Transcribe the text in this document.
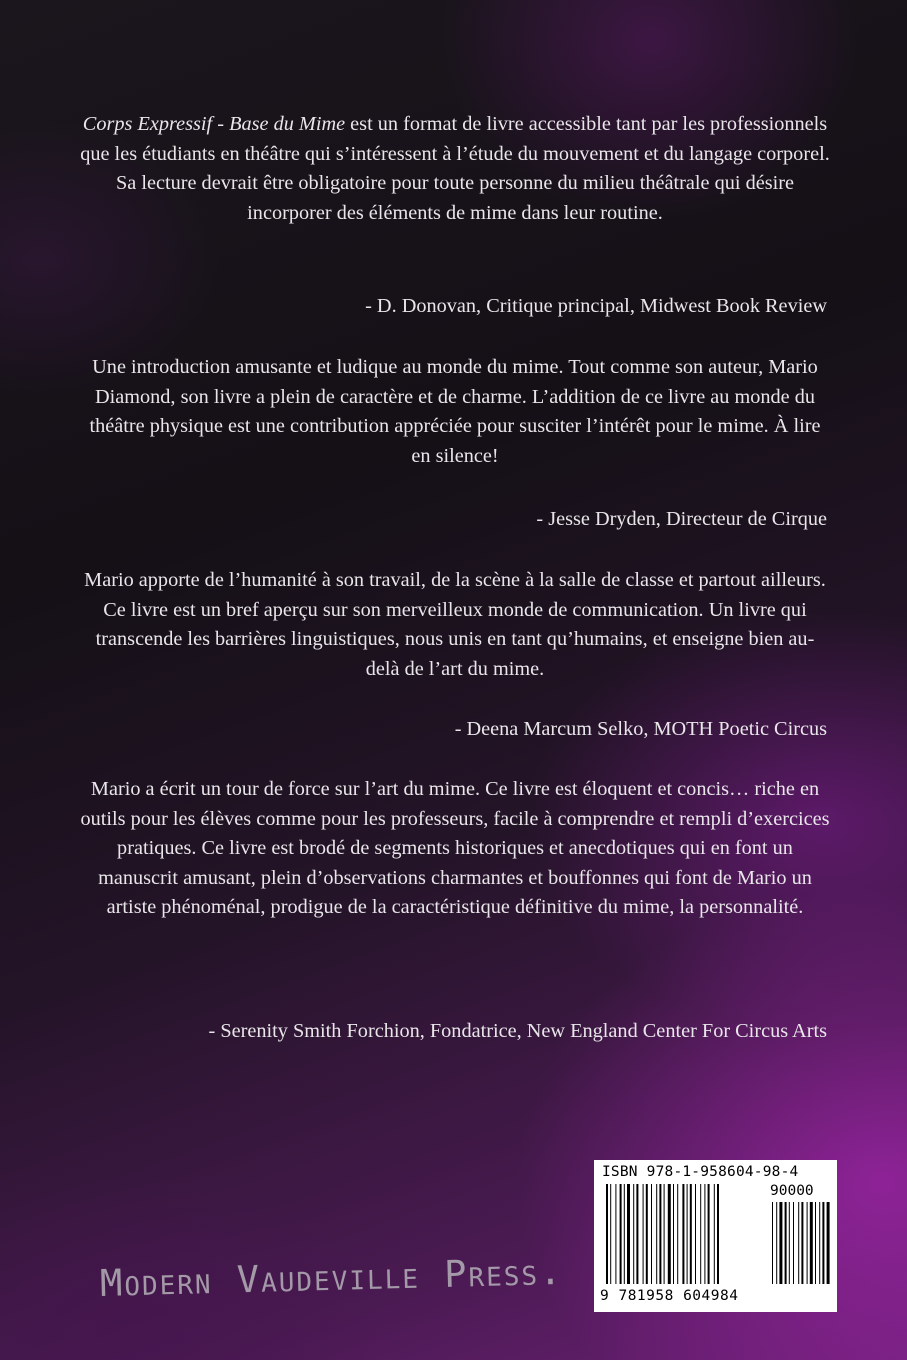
Corps Expressif - Base du Mime est un format de livre accessible tant par les professionnels que les étudiants en théâtre qui s’intéressent à l’étude du mouvement et du langage corporel. Sa lecture devrait être obligatoire pour toute personne du milieu théâtrale qui désire incorporer des éléments de mime dans leur routine.

- D. Donovan, Critique principal, Midwest Book Review

Une introduction amusante et ludique au monde du mime. Tout comme son auteur, Mario Diamond, son livre a plein de caractère et de charme. L’addition de ce livre au monde du théâtre physique est une contribution appréciée pour susciter l’intérêt pour le mime. À lire en silence!

- Jesse Dryden, Directeur de Cirque

Mario apporte de l’humanité à son travail, de la scène à la salle de classe et partout ailleurs. Ce livre est un bref aperçu sur son merveilleux monde de communication. Un livre qui transcende les barrières linguistiques, nous unis en tant qu’humains, et enseigne bien au-delà de l’art du mime.

- Deena Marcum Selko, MOTH Poetic Circus

Mario a écrit un tour de force sur l’art du mime. Ce livre est éloquent et concis… riche en outils pour les élèves comme pour les professeurs, facile à comprendre et rempli d’exercices pratiques. Ce livre est brodé de segments historiques et anecdotiques qui en font un manuscrit amusant, plein d’observations charmantes et bouffonnes qui font de Mario un artiste phénoménal, prodigue de la caractéristique définitive du mime, la personnalité.

- Serenity Smith Forchion, Fondatrice, New England Center For Circus Arts

ISBN 978-1-958604-98-4
90000
9 781958 604984
Modern Vaudeville Press.
